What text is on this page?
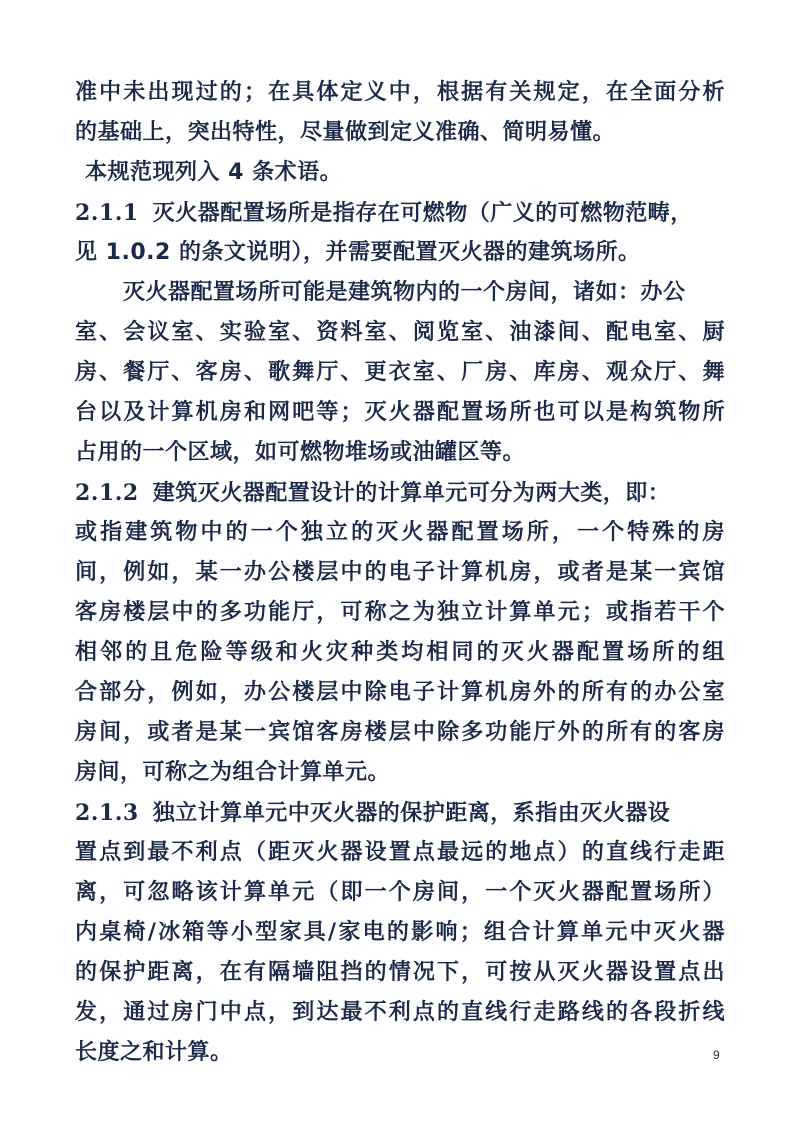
准中未出现过的；在具体定义中，根据有关规定，在全面分析
的基础上，突出特性，尽量做到定义准确、简明易懂。
本规范现列入 4 条术语。
2.1.1 灭火器配置场所是指存在可燃物（广义的可燃物范畴，
见 1.0.2 的条文说明），并需要配置灭火器的建筑场所。
灭火器配置场所可能是建筑物内的一个房间，诸如：办公
室、会议室、实验室、资料室、阅览室、油漆间、配电室、厨
房、餐厅、客房、歌舞厅、更衣室、厂房、库房、观众厅、舞
台以及计算机房和网吧等；灭火器配置场所也可以是构筑物所
占用的一个区域，如可燃物堆场或油罐区等。
2.1.2 建筑灭火器配置设计的计算单元可分为两大类，即：
或指建筑物中的一个独立的灭火器配置场所，一个特殊的房
间，例如，某一办公楼层中的电子计算机房，或者是某一宾馆
客房楼层中的多功能厅，可称之为独立计算单元；或指若干个
相邻的且危险等级和火灾种类均相同的灭火器配置场所的组
合部分，例如，办公楼层中除电子计算机房外的所有的办公室
房间，或者是某一宾馆客房楼层中除多功能厅外的所有的客房
房间，可称之为组合计算单元。
2.1.3 独立计算单元中灭火器的保护距离，系指由灭火器设
置点到最不利点（距灭火器设置点最远的地点）的直线行走距
离，可忽略该计算单元（即一个房间，一个灭火器配置场所）
内桌椅/冰箱等小型家具/家电的影响；组合计算单元中灭火器
的保护距离，在有隔墙阻挡的情况下，可按从灭火器设置点出
发，通过房门中点，到达最不利点的直线行走路线的各段折线
长度之和计算。	9
